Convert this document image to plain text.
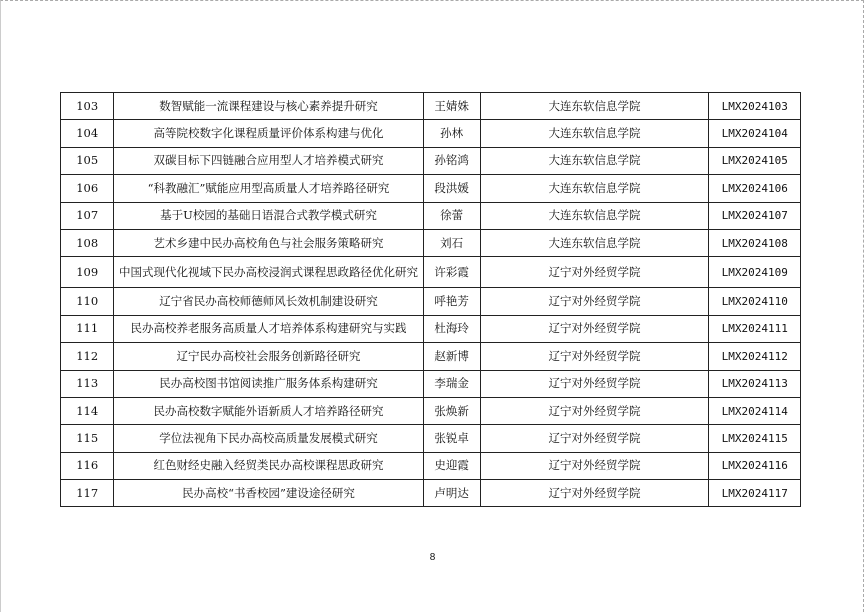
103	数智赋能一流课程建设与核心素养提升研究	王婧姝	大连东软信息学院	LMX2024103
104	高等院校数字化课程质量评价体系构建与优化	孙林	大连东软信息学院	LMX2024104
105	双碳目标下四链融合应用型人才培养模式研究	孙铭鸿	大连东软信息学院	LMX2024105
106	“科教融汇”赋能应用型高质量人才培养路径研究	段洪媛	大连东软信息学院	LMX2024106
107	基于U校园的基础日语混合式教学模式研究	徐蕾	大连东软信息学院	LMX2024107
108	艺术乡建中民办高校角色与社会服务策略研究	刘石	大连东软信息学院	LMX2024108
109	中国式现代化视域下民办高校浸润式课程思政路径优化研究	许彩霞	辽宁对外经贸学院	LMX2024109
110	辽宁省民办高校师德师风长效机制建设研究	呼艳芳	辽宁对外经贸学院	LMX2024110
111	民办高校养老服务高质量人才培养体系构建研究与实践	杜海玲	辽宁对外经贸学院	LMX2024111
112	辽宁民办高校社会服务创新路径研究	赵新博	辽宁对外经贸学院	LMX2024112
113	民办高校图书馆阅读推广服务体系构建研究	李瑞金	辽宁对外经贸学院	LMX2024113
114	民办高校数字赋能外语新质人才培养路径研究	张焕新	辽宁对外经贸学院	LMX2024114
115	学位法视角下民办高校高质量发展模式研究	张锐卓	辽宁对外经贸学院	LMX2024115
116	红色财经史融入经贸类民办高校课程思政研究	史迎霞	辽宁对外经贸学院	LMX2024116
117	民办高校“书香校园”建设途径研究	卢明达	辽宁对外经贸学院	LMX2024117
8
